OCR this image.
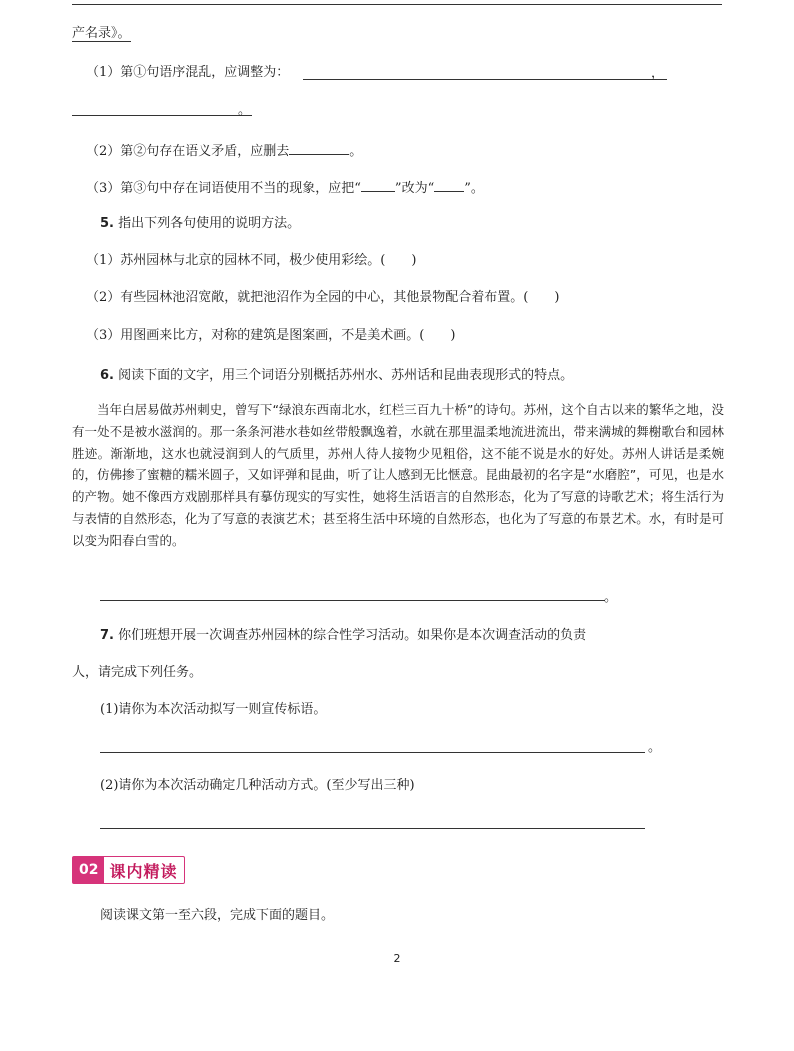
产名录》。
（1）第①句语序混乱，应调整为：	，
。
（2）第②句存在语义矛盾，应删去	。
（3）第③句中存在词语使用不当的现象，应把“	”改为“ ”。
5. 指出下列各句使用的说明方法。
（1）苏州园林与北京的园林不同，极少使用彩绘。(　　)
（2）有些园林池沼宽敞，就把池沼作为全园的中心，其他景物配合着布置。(　　)
（3）用图画来比方，对称的建筑是图案画，不是美术画。(　　)
6. 阅读下面的文字，用三个词语分别概括苏州水、苏州话和昆曲表现形式的特点。
当年白居易做苏州刺史，曾写下“绿浪东西南北水，红栏三百九十桥”的诗句。苏州，这个自古以来的繁华之地，没有一处不是被水滋润的。那一条条河港水巷如丝带般飘逸着，水就在那里温柔地流进流出，带来满城的舞榭歌台和园林胜迹。渐渐地，这水也就浸润到人的气质里，苏州人待人接物少见粗俗，这不能不说是水的好处。苏州人讲话是柔婉的，仿佛掺了蜜糖的糯米圆子，又如评弹和昆曲，听了让人感到无比惬意。昆曲最初的名字是“水磨腔”，可见，也是水的产物。她不像西方戏剧那样具有摹仿现实的写实性，她将生活语言的自然形态，化为了写意的诗歌艺术；将生活行为与表情的自然形态，化为了写意的表演艺术；甚至将生活中环境的自然形态，也化为了写意的布景艺术。水，有时是可以变为阳春白雪的。
。
7. 你们班想开展一次调查苏州园林的综合性学习活动。如果你是本次调查活动的负责
人，请完成下列任务。
(1)请你为本次活动拟写一则宣传标语。
。
(2)请你为本次活动确定几种活动方式。(至少写出三种)
02 课内精读
阅读课文第一至六段，完成下面的题目。
2
